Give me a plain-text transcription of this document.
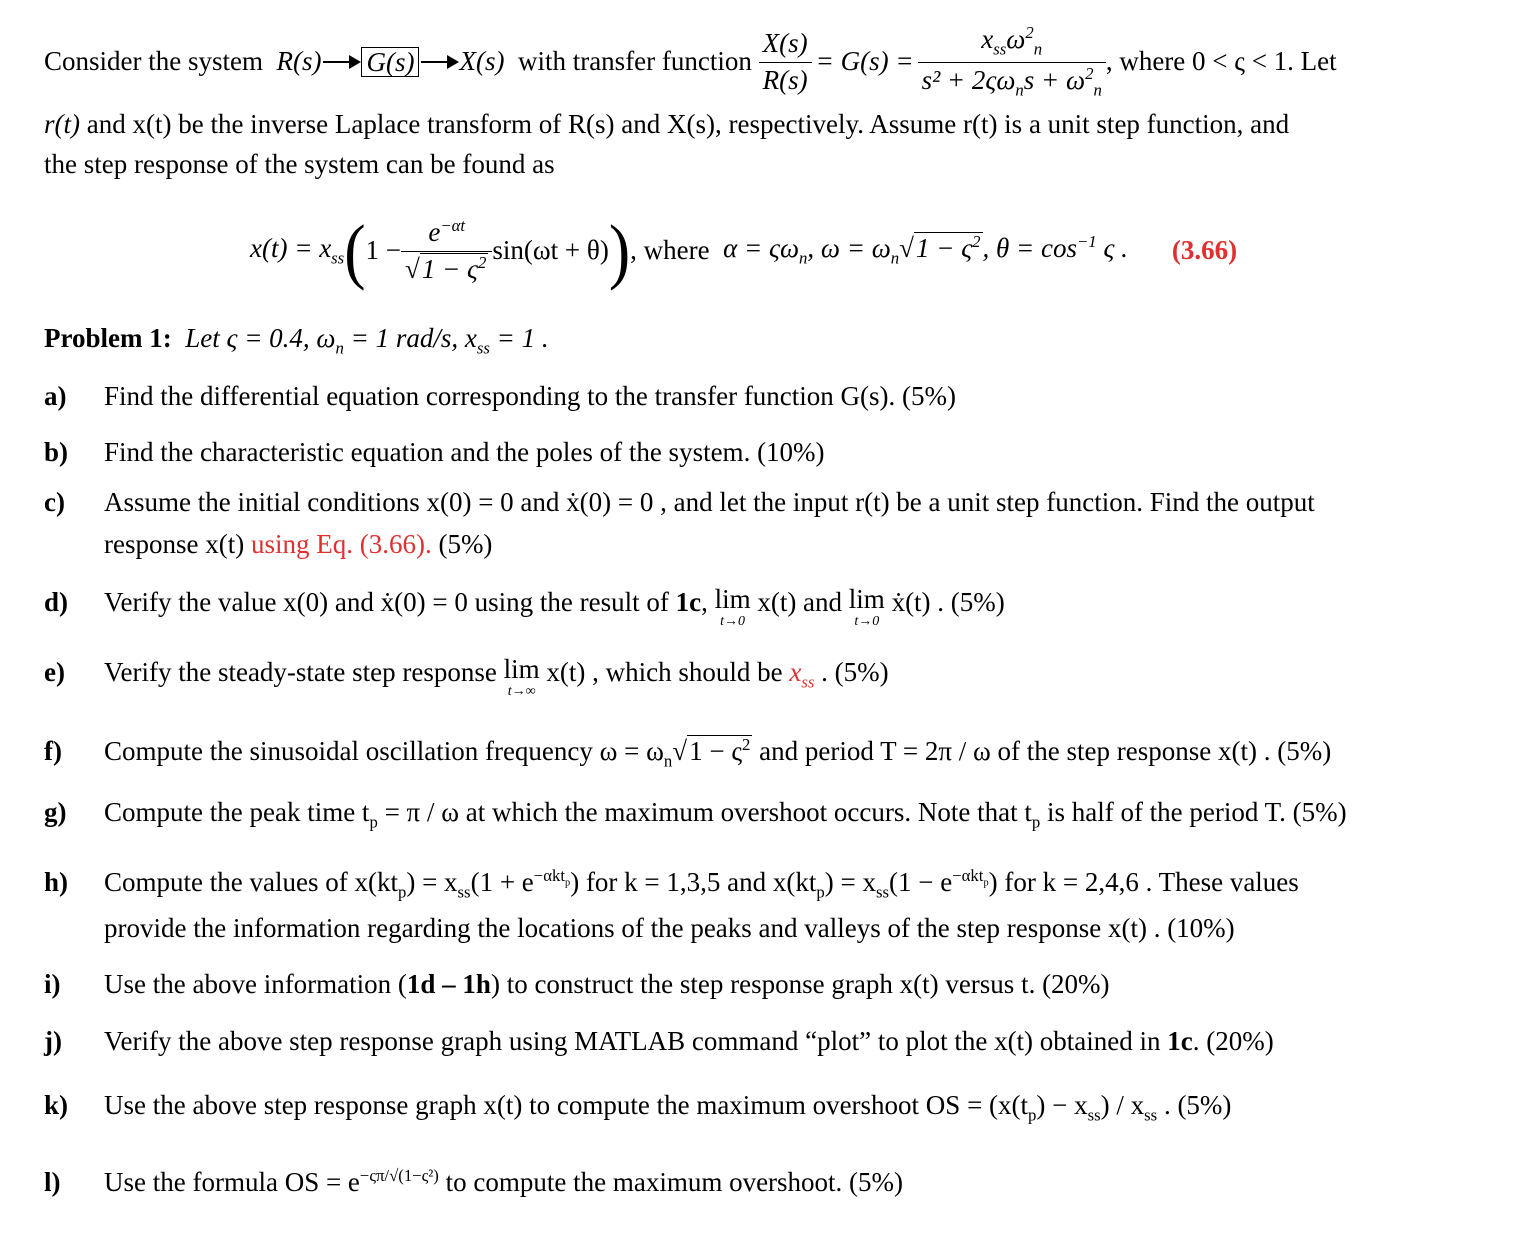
Consider the system
R(s) G(s) X(s)
with transfer function
$\frac{X(s)}{R(s)} = G(s) = \frac{x_{ss}\omega^2_n}{s^2 + 2\varsigma\omega_ns + \omega^2_n}$ , where 0 < ς < 1. Let
r(t) and x(t) be the inverse Laplace transform of R(s) and X(s), respectively. Assume r(t) is a unit step function, and
the step response of the system can be found as
$x(t) = x_{ss}$ ( $1 - \frac{e^{-\alpha t}}{√1 - \varsigma^2} \sin(\omega t + \theta)$ ) , where
$\alpha = \varsigma\omega_n$, $\omega = \omega_n√1 - \varsigma^2$, $\theta = \cos^{-1} \varsigma$ . (3.66)
Problem 1: Let ς = 0.4, $\omega_n = 1$ rad/s, $x_{ss} = 1$ .
a) Find the differential equation corresponding to the transfer function G(s). (5%)
b) Find the characteristic equation and the poles of the system. (10%)
c) Assume the initial conditions x(0) = 0 and ẋ(0) = 0 , and let the input r(t) be a unit step function. Find the output
response x(t) using Eq. (3.66). (5%)
d) Verify the value x(0) and ẋ(0) = 0 using the result of 1c, lim
t→0
x(t) and lim
t→0
ẋ(t) . (5%)
e) Verify the steady-state step response lim
t→∞
x(t) , which should be $x_{ss}$ . (5%)
f) Compute the sinusoidal oscillation frequency $\omega = \omega_n√1 - \varsigma^2$ and period T = 2π / ω of the step response x(t) . (5%)
g) Compute the peak time $t_p = \pi / \omega$ at which the maximum overshoot occurs. Note that $t_p$ is half of the period T. (5%)
h) Compute the values of $x(kt_p) = x_{ss}(1 + e^{-\alpha kt_p})$ for k = 1,3,5 and $x(kt_p) = x_{ss}(1 - e^{-\alpha kt_p})$ for k = 2,4,6 . These values
provide the information regarding the locations of the peaks and valleys of the step response x(t) . (10%)
i) Use the above information (1d – 1h) to construct the step response graph x(t) versus t. (20%)
j) Verify the above step response graph using MATLAB command “plot” to plot the x(t) obtained in 1c. (20%)
k) Use the above step response graph x(t) to compute the maximum overshoot OS = $(x(t_p) - x_{ss}) / x_{ss}$ . (5%)
l) Use the formula OS = $e^{-\varsigma\pi/√(1-\varsigma^2)}$ to compute the maximum overshoot. (5%)
